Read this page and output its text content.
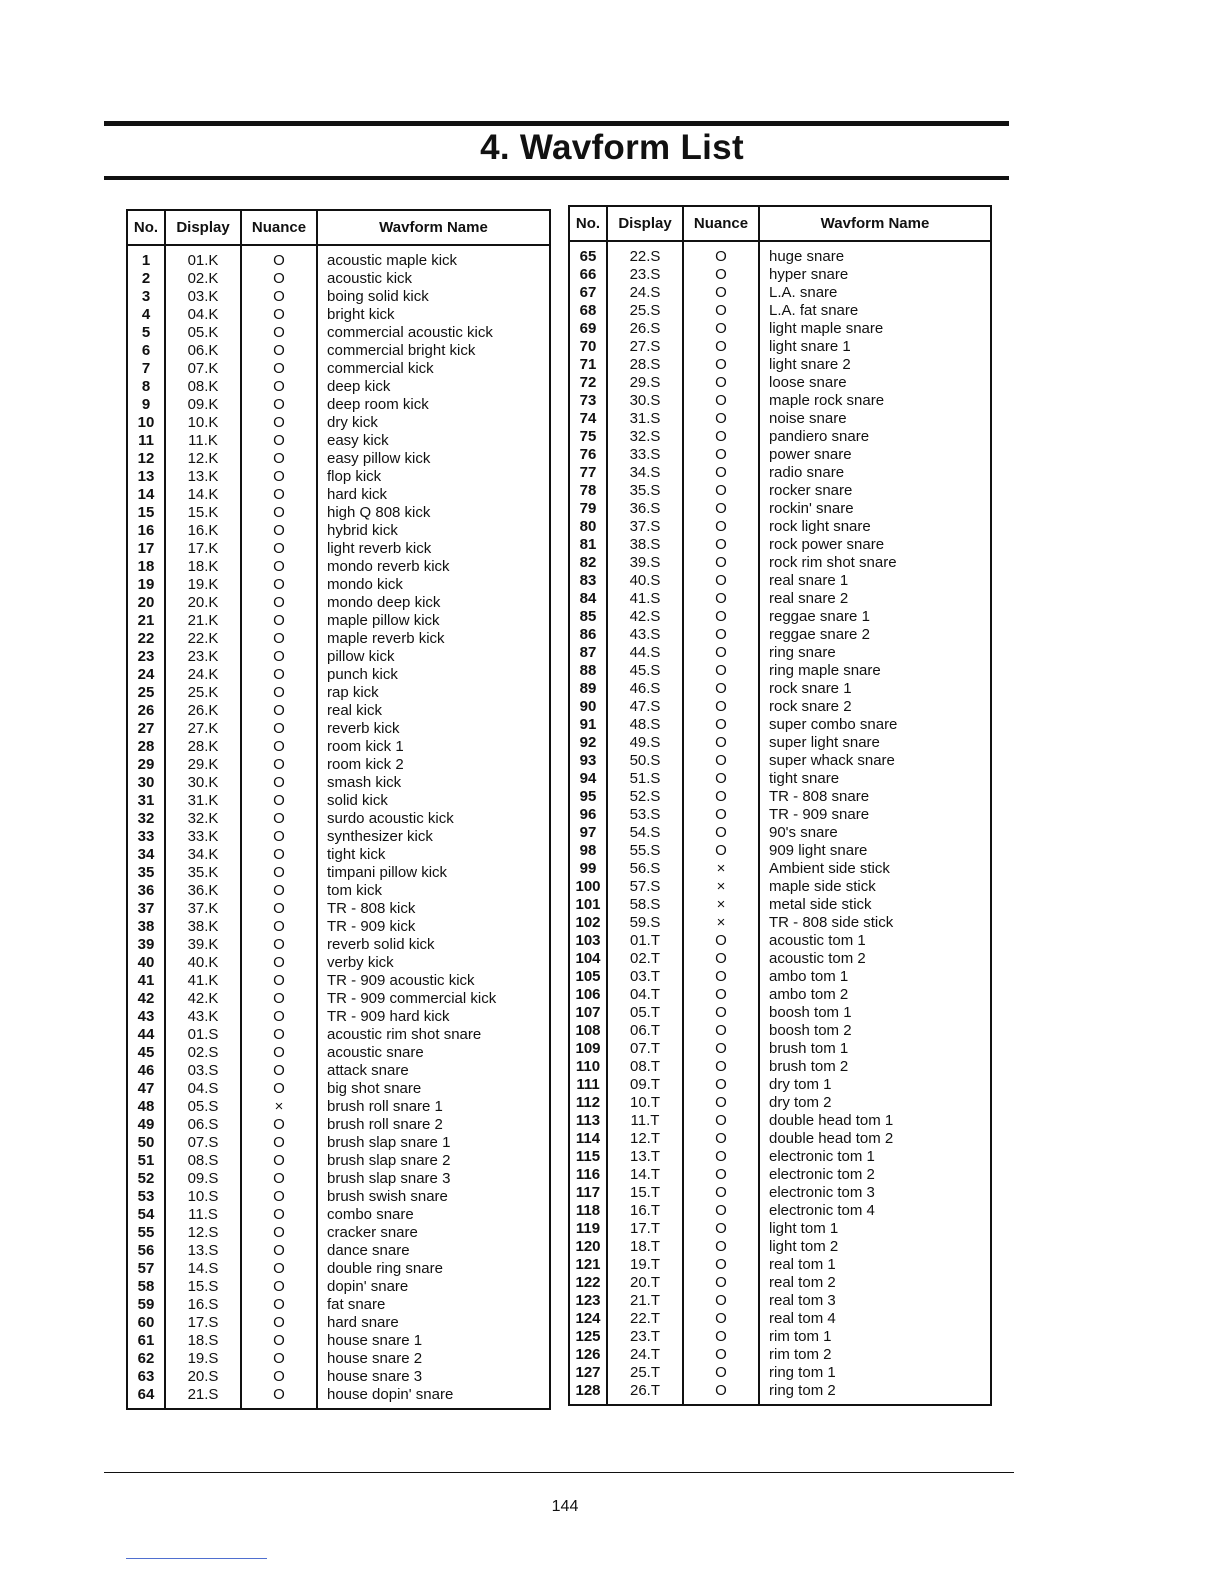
4. Wavform List
No.	Display	Nuance	Wavform Name
1	01.K	O	acoustic maple kick
2	02.K	O	acoustic kick
3	03.K	O	boing solid kick
4	04.K	O	bright kick
5	05.K	O	commercial acoustic kick
6	06.K	O	commercial bright kick
7	07.K	O	commercial kick
8	08.K	O	deep kick
9	09.K	O	deep room kick
10	10.K	O	dry kick
11	11.K	O	easy kick
12	12.K	O	easy pillow kick
13	13.K	O	flop kick
14	14.K	O	hard kick
15	15.K	O	high Q 808 kick
16	16.K	O	hybrid kick
17	17.K	O	light reverb kick
18	18.K	O	mondo reverb kick
19	19.K	O	mondo kick
20	20.K	O	mondo deep kick
21	21.K	O	maple pillow kick
22	22.K	O	maple reverb kick
23	23.K	O	pillow kick
24	24.K	O	punch kick
25	25.K	O	rap kick
26	26.K	O	real kick
27	27.K	O	reverb kick
28	28.K	O	room kick 1
29	29.K	O	room kick 2
30	30.K	O	smash kick
31	31.K	O	solid kick
32	32.K	O	surdo acoustic kick
33	33.K	O	synthesizer kick
34	34.K	O	tight kick
35	35.K	O	timpani pillow kick
36	36.K	O	tom kick
37	37.K	O	TR - 808 kick
38	38.K	O	TR - 909 kick
39	39.K	O	reverb solid kick
40	40.K	O	verby kick
41	41.K	O	TR - 909 acoustic kick
42	42.K	O	TR - 909 commercial kick
43	43.K	O	TR - 909 hard kick
44	01.S	O	acoustic rim shot snare
45	02.S	O	acoustic snare
46	03.S	O	attack snare
47	04.S	O	big shot snare
48	05.S	×	brush roll snare 1
49	06.S	O	brush roll snare 2
50	07.S	O	brush slap snare 1
51	08.S	O	brush slap snare 2
52	09.S	O	brush slap snare 3
53	10.S	O	brush swish snare
54	11.S	O	combo snare
55	12.S	O	cracker snare
56	13.S	O	dance snare
57	14.S	O	double ring snare
58	15.S	O	dopin' snare
59	16.S	O	fat snare
60	17.S	O	hard snare
61	18.S	O	house snare 1
62	19.S	O	house snare 2
63	20.S	O	house snare 3
64	21.S	O	house dopin' snare
No.	Display	Nuance	Wavform Name
65	22.S	O	huge snare
66	23.S	O	hyper snare
67	24.S	O	L.A. snare
68	25.S	O	L.A. fat snare
69	26.S	O	light maple snare
70	27.S	O	light snare 1
71	28.S	O	light snare 2
72	29.S	O	loose snare
73	30.S	O	maple rock snare
74	31.S	O	noise snare
75	32.S	O	pandiero snare
76	33.S	O	power snare
77	34.S	O	radio snare
78	35.S	O	rocker snare
79	36.S	O	rockin' snare
80	37.S	O	rock light snare
81	38.S	O	rock power snare
82	39.S	O	rock rim shot snare
83	40.S	O	real snare 1
84	41.S	O	real snare 2
85	42.S	O	reggae snare 1
86	43.S	O	reggae snare 2
87	44.S	O	ring snare
88	45.S	O	ring maple snare
89	46.S	O	rock snare 1
90	47.S	O	rock snare 2
91	48.S	O	super combo snare
92	49.S	O	super light snare
93	50.S	O	super whack snare
94	51.S	O	tight snare
95	52.S	O	TR - 808 snare
96	53.S	O	TR - 909 snare
97	54.S	O	90's snare
98	55.S	O	909 light snare
99	56.S	×	Ambient side stick
100	57.S	×	maple side stick
101	58.S	×	metal side stick
102	59.S	×	TR - 808 side stick
103	01.T	O	acoustic tom 1
104	02.T	O	acoustic tom 2
105	03.T	O	ambo tom 1
106	04.T	O	ambo tom 2
107	05.T	O	boosh tom 1
108	06.T	O	boosh tom 2
109	07.T	O	brush tom 1
110	08.T	O	brush tom 2
111	09.T	O	dry tom 1
112	10.T	O	dry tom 2
113	11.T	O	double head tom 1
114	12.T	O	double head tom 2
115	13.T	O	electronic tom 1
116	14.T	O	electronic tom 2
117	15.T	O	electronic tom 3
118	16.T	O	electronic tom 4
119	17.T	O	light tom 1
120	18.T	O	light tom 2
121	19.T	O	real tom 1
122	20.T	O	real tom 2
123	21.T	O	real tom 3
124	22.T	O	real tom 4
125	23.T	O	rim tom 1
126	24.T	O	rim tom 2
127	25.T	O	ring tom 1
128	26.T	O	ring tom 2
144
